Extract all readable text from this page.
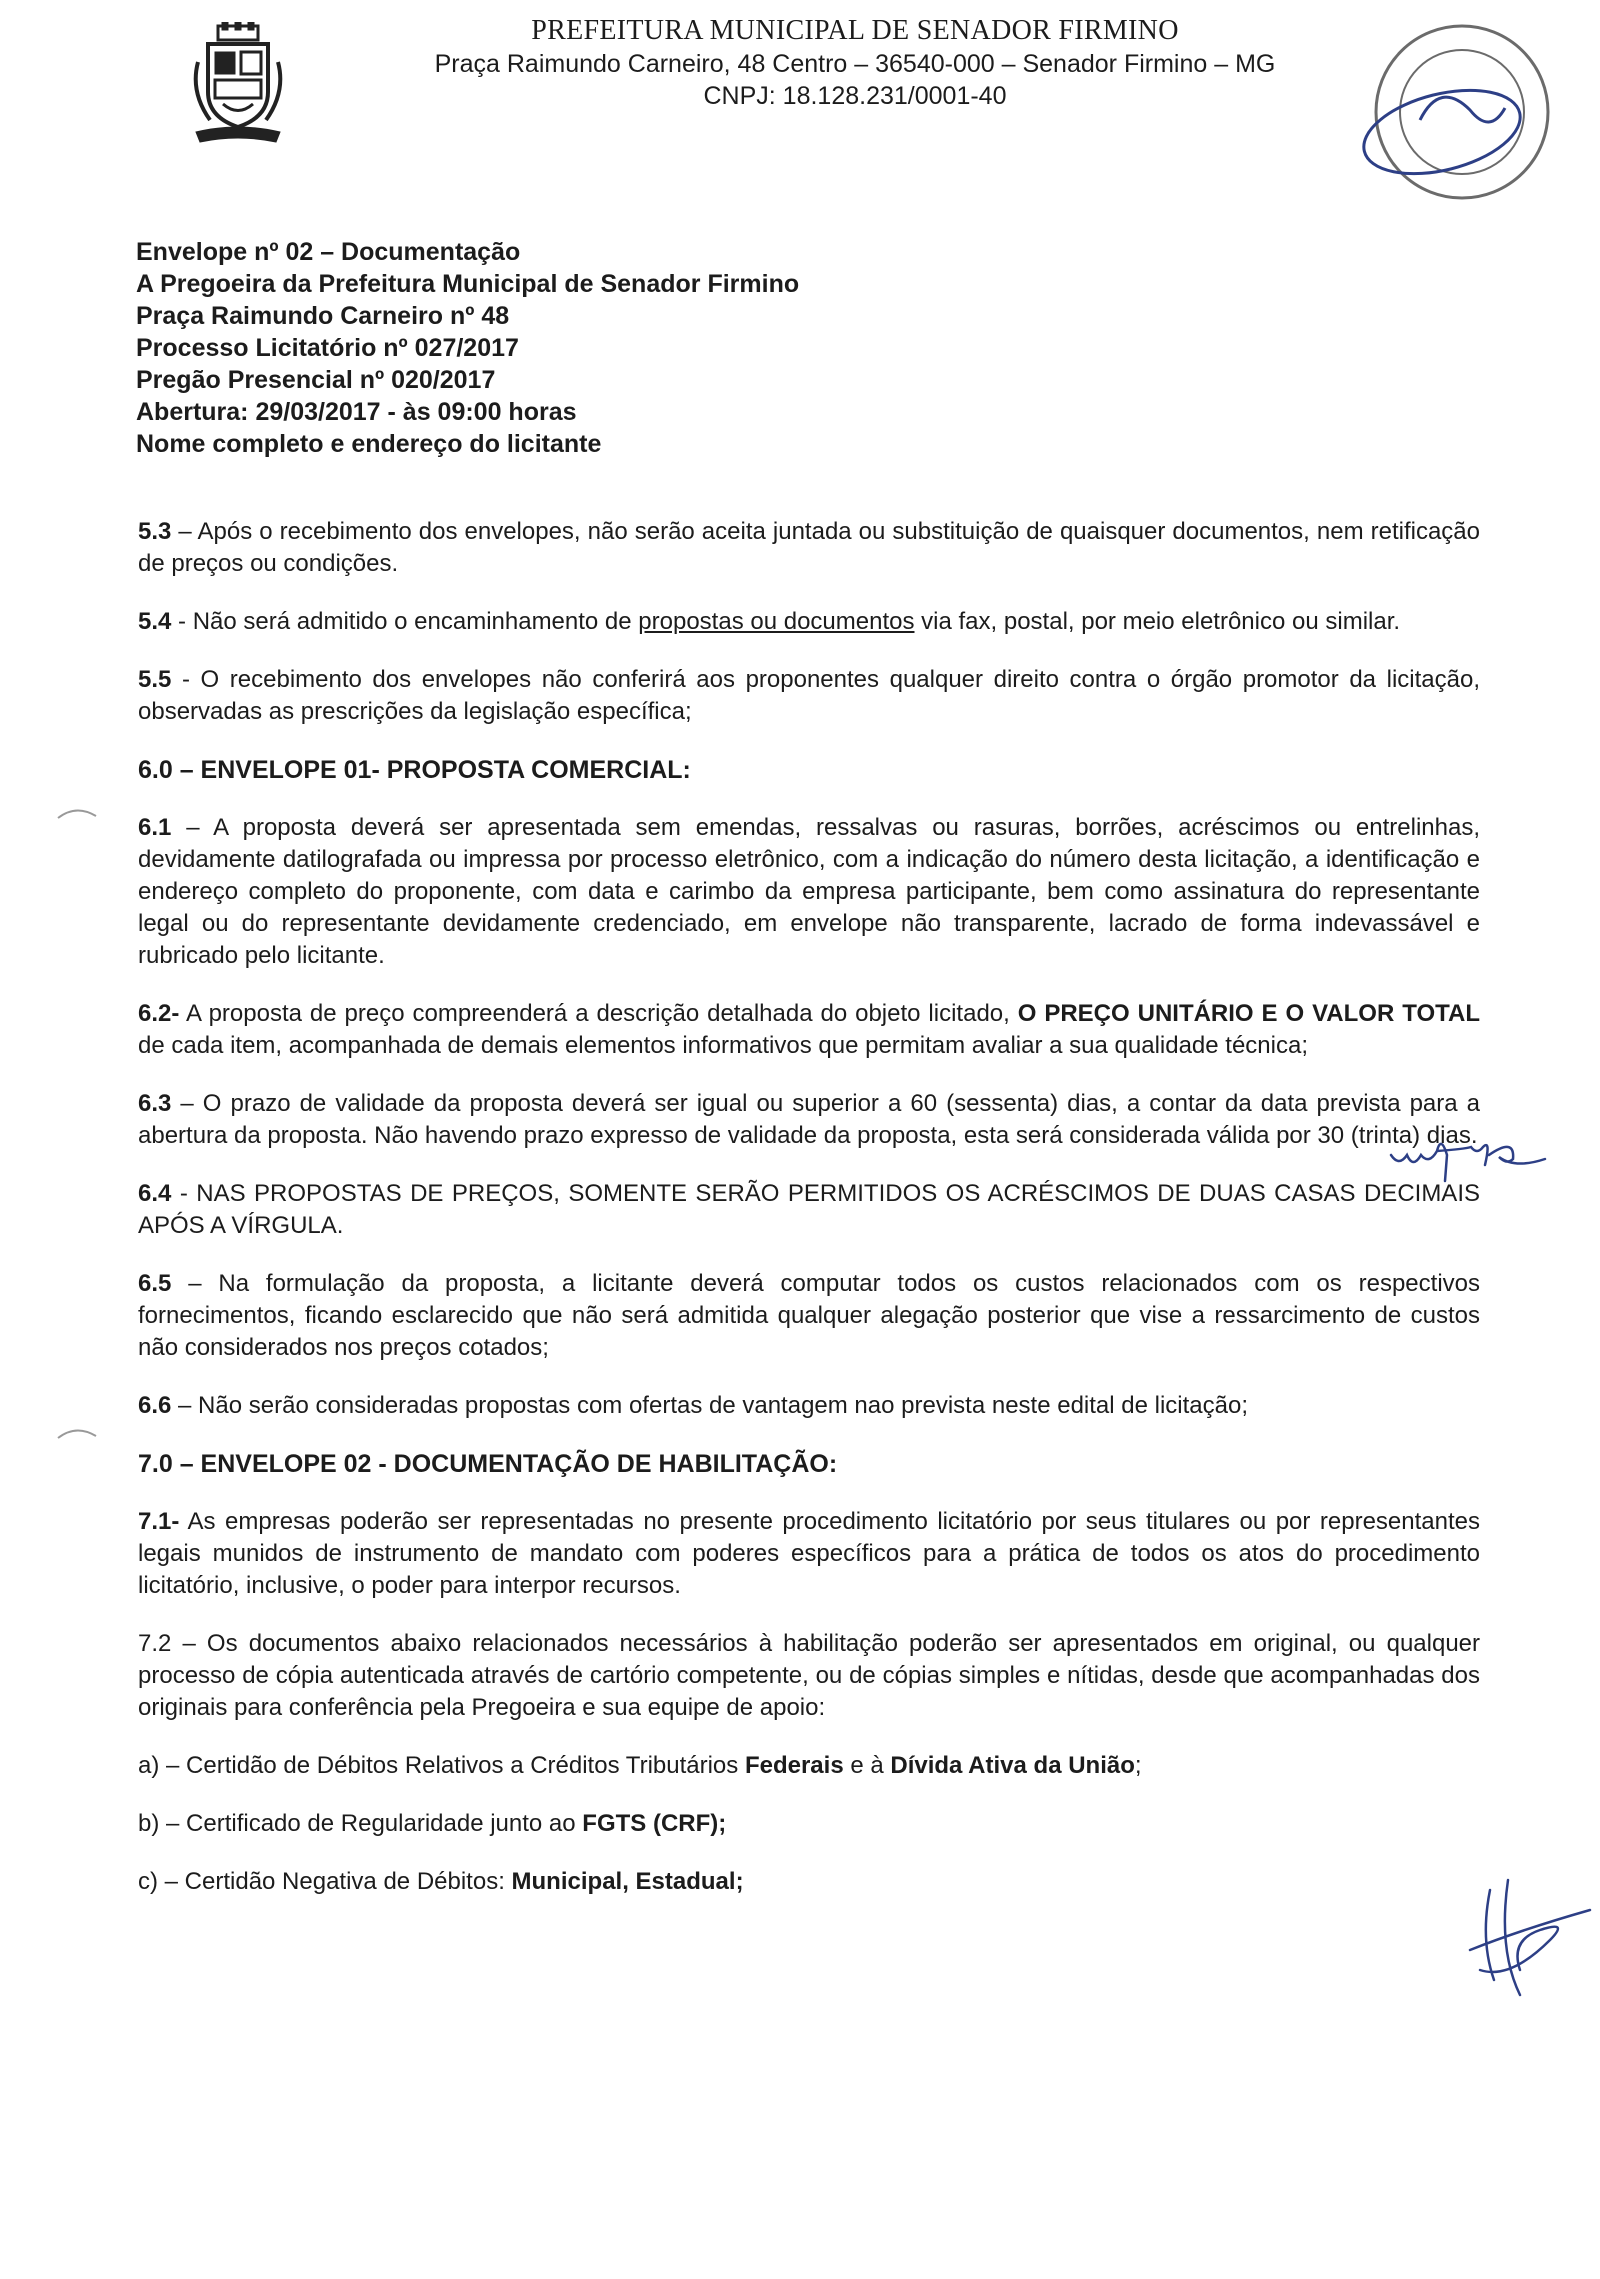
PREFEITURA MUNICIPAL DE SENADOR FIRMINO
Praça Raimundo Carneiro, 48 Centro – 36540-000 – Senador Firmino – MG
CNPJ: 18.128.231/0001-40
Envelope nº 02 – Documentação
A Pregoeira da Prefeitura Municipal de Senador Firmino
Praça Raimundo Carneiro nº 48
Processo Licitatório nº 027/2017
Pregão Presencial nº 020/2017
Abertura: 29/03/2017 - às 09:00 horas
Nome completo e endereço do licitante

5.3 – Após o recebimento dos envelopes, não serão aceita juntada ou substituição de quaisquer documentos, nem retificação de preços ou condições.

5.4 - Não será admitido o encaminhamento de propostas ou documentos via fax, postal, por meio eletrônico ou similar.

5.5 - O recebimento dos envelopes não conferirá aos proponentes qualquer direito contra o órgão promotor da licitação, observadas as prescrições da legislação específica;

6.0 – ENVELOPE 01- PROPOSTA COMERCIAL:

6.1 – A proposta deverá ser apresentada sem emendas, ressalvas ou rasuras, borrões, acréscimos ou entrelinhas, devidamente datilografada ou impressa por processo eletrônico, com a indicação do número desta licitação, a identificação e endereço completo do proponente, com data e carimbo da empresa participante, bem como assinatura do representante legal ou do representante devidamente credenciado, em envelope não transparente, lacrado de forma indevassável e rubricado pelo licitante.

6.2- A proposta de preço compreenderá a descrição detalhada do objeto licitado, O PREÇO UNITÁRIO E O VALOR TOTAL de cada item, acompanhada de demais elementos informativos que permitam avaliar a sua qualidade técnica;

6.3 – O prazo de validade da proposta deverá ser igual ou superior a 60 (sessenta) dias, a contar da data prevista para a abertura da proposta. Não havendo prazo expresso de validade da proposta, esta será considerada válida por 30 (trinta) dias.

6.4 - NAS PROPOSTAS DE PREÇOS, SOMENTE SERÃO PERMITIDOS OS ACRÉSCIMOS DE DUAS CASAS DECIMAIS APÓS A VÍRGULA.

6.5 – Na formulação da proposta, a licitante deverá computar todos os custos relacionados com os respectivos fornecimentos, ficando esclarecido que não será admitida qualquer alegação posterior que vise a ressarcimento de custos não considerados nos preços cotados;

6.6 – Não serão consideradas propostas com ofertas de vantagem nao prevista neste edital de licitação;

7.0 – ENVELOPE 02 - DOCUMENTAÇÃO DE HABILITAÇÃO:

7.1- As empresas poderão ser representadas no presente procedimento licitatório por seus titulares ou por representantes legais munidos de instrumento de mandato com poderes específicos para a prática de todos os atos do procedimento licitatório, inclusive, o poder para interpor recursos.

7.2 – Os documentos abaixo relacionados necessários à habilitação poderão ser apresentados em original, ou qualquer processo de cópia autenticada através de cartório competente, ou de cópias simples e nítidas, desde que acompanhadas dos originais para conferência pela Pregoeira e sua equipe de apoio:

a) – Certidão de Débitos Relativos a Créditos Tributários Federais e à Dívida Ativa da União;

b) – Certificado de Regularidade junto ao FGTS (CRF);

c) – Certidão Negativa de Débitos: Municipal, Estadual;
